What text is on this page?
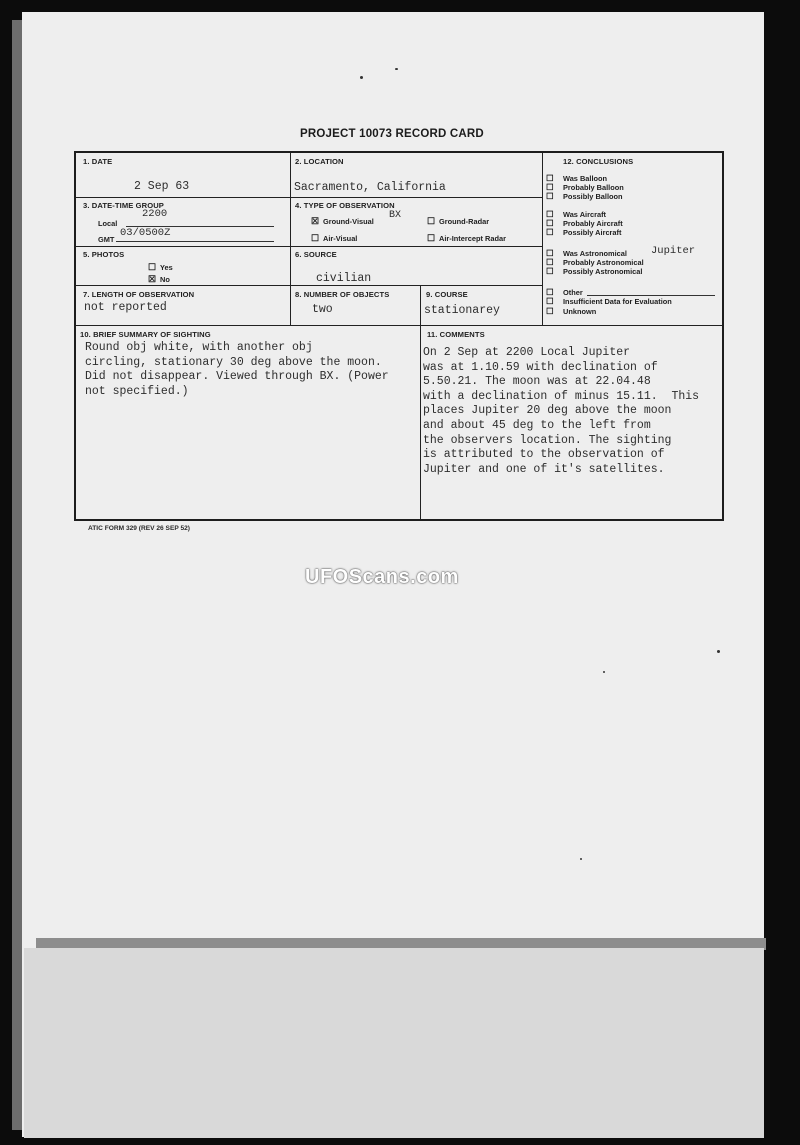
PROJECT 10073 RECORD CARD
1. DATE
2 Sep 63
2. LOCATION
Sacramento, California
3. DATE-TIME GROUP
Local
2200
GMT
03/0500Z
4. TYPE OF OBSERVATION
☒ Ground-Visual
BX	☐ Ground-Radar
☐ Air-Visual	☐ Air-Intercept Radar
5. PHOTOS
☐ Yes
☒ No
6. SOURCE
civilian
7. LENGTH OF OBSERVATION
not reported
8. NUMBER OF OBJECTS
two
9. COURSE
stationarey
12. CONCLUSIONS
☐ Was Balloon
☐ Probably Balloon
☐ Possibly Balloon
☐ Was Aircraft
☐ Probably Aircraft
☐ Possibly Aircraft
☐ Was Astronomical Jupiter
☐ Probably Astronomical
☐ Possibly Astronomical
☐ Other
☐ Insufficient Data for Evaluation
☐ Unknown
10. BRIEF SUMMARY OF SIGHTING
Round obj white, with another obj
circling, stationary 30 deg above the moon.
Did not disappear. Viewed through BX. (Power
not specified.)
11. COMMENTS
On 2 Sep at 2200 Local Jupiter
was at 1.10.59 with declination of
5.50.21. The moon was at 22.04.48
with a declination of minus 15.11.  This
places Jupiter 20 deg above the moon
and about 45 deg to the left from
the observers location. The sighting
is attributed to the observation of
Jupiter and one of it's satellites.
ATIC FORM 329 (REV 26 SEP 52)
UFOScans.com
